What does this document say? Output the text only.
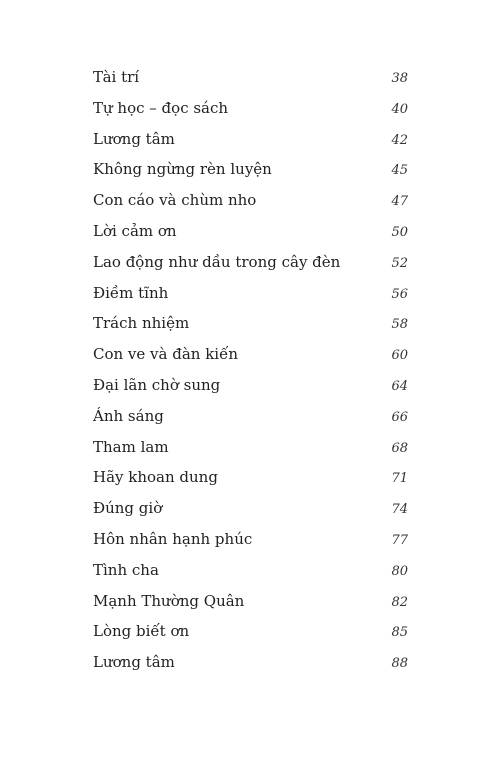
Tài trí	38
Tự học – đọc sách	40
Lương tâm	42
Không ngừng rèn luyện	45
Con cáo và chùm nho	47
Lời cảm ơn	50
Lao động như dầu trong cây đèn	52
Điềm tĩnh	56
Trách nhiệm	58
Con ve và đàn kiến	60
Đại lãn chờ sung	64
Ánh sáng	66
Tham lam	68
Hãy khoan dung	71
Đúng giờ	74
Hôn nhân hạnh phúc	77
Tình cha	80
Mạnh Thường Quân	82
Lòng biết ơn	85
Lương tâm	88
